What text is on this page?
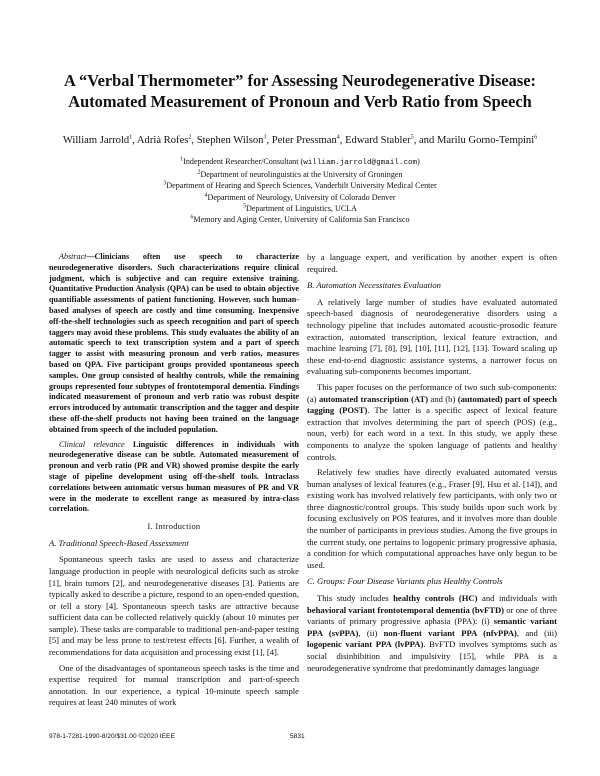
A “Verbal Thermometer” for Assessing Neurodegenerative Disease:
Automated Measurement of Pronoun and Verb Ratio from Speech
William Jarrold$^1$, Adrià Rofes$^2$, Stephen Wilson$^3$, Peter Pressman$^4$, Edward Stabler$^5$, and Marilu Gorno-Tempini$^6$
$^1$Independent Researcher/Consultant (william.jarrold@gmail.com)
$^2$Department of neurolinguistics at the University of Groningen
$^3$Department of Hearing and Speech Sciences, Vanderbilt University Medical Center
$^4$Department of Neurology, University of Colorado Denver
$^5$Department of Linguistics, UCLA
$^6$Memory and Aging Center, University of California San Francisco

Abstract—Clinicians often use speech to characterize neurodegenerative disorders. Such characterizations require clinical judgment, which is subjective and can require extensive training. Quantitative Production Analysis (QPA) can be used to obtain objective quantifiable assessments of patient functioning. However, such human-based analyses of speech are costly and time consuming. Inexpensive off-the-shelf technologies such as speech recognition and part of speech taggers may avoid these problems. This study evaluates the ability of an automatic speech to text transcription system and a part of speech tagger to assist with measuring pronoun and verb ratios, measures based on QPA. Five participant groups provided spontaneous speech samples. One group consisted of healthy controls, while the remaining groups represented four subtypes of frontotemporal dementia. Findings indicated measurement of pronoun and verb ratio was robust despite errors introduced by automatic transcription and the tagger and despite these off-the-shelf products not having been trained on the language obtained from speech of the included population.

Clinical relevance Linguistic differences in individuals with neurodegenerative disease can be subtle. Automated measurement of pronoun and verb ratio (PR and VR) showed promise despite the early stage of pipeline development using off-the-shelf tools. Intraclass correlations between automatic versus human measures of PR and VR were in the moderate to excellent range as measured by intra-class correlation.

I. Introduction
A. Traditional Speech-Based Assessment

Spontaneous speech tasks are used to assess and characterize language production in people with neurological deficits such as stroke [1], brain tumors [2], and neurodegenerative diseases [3]. Patients are typically asked to describe a picture, respond to an open-ended question, or tell a story [4]. Spontaneous speech tasks are attractive because sufficient data can be collected relatively quickly (about 10 minutes per sample). These tasks are comparable to traditional pen-and-paper testing [5] and may be less prone to test/retest effects [6]. Further, a wealth of recommendations for data acquisition and processing exist [1], [4].

One of the disadvantages of spontaneous speech tasks is the time and expertise required for manual transcription and part-of-speech annotation. In our experience, a typical 10-minute speech sample requires at least 240 minutes of work

by a language expert, and verification by another expert is often required.

B. Automation Necessitates Evaluation

A relatively large number of studies have evaluated automated speech-based diagnosis of neurodegenerative disorders using a technology pipeline that includes automated acoustic-prosodic feature extraction, automated transcription, lexical feature extraction, and machine learning [7], [8], [9], [10], [11], [12], [13]. Toward scaling up these end-to-end diagnostic assistance systems, a narrower focus on evaluating sub-components becomes important.

This paper focuses on the performance of two such sub-components: (a) automated transcription (AT) and (b) (automated) part of speech tagging (POST). The latter is a specific aspect of lexical feature extraction that involves determining the part of speech (POS) (e.g., noun, verb) for each word in a text. In this study, we apply these components to analyze the spoken language of patients and healthy controls.

Relatively few studies have directly evaluated automated versus human analyses of lexical features (e.g., Fraser [9], Hsu et al. [14]), and existing work has involved relatively few participants, with only two or three diagnostic/control groups. This study builds upon such work by focusing exclusively on POS features, and it involves more than double the number of participants in previous studies. Among the five groups in the current study, one pertains to logopenic primary progressive aphasia, a condition for which computational approaches have only begun to be used.

C. Groups: Four Disease Variants plus Healthy Controls

This study includes healthy controls (HC) and individuals with behavioral variant frontotemporal dementia (bvFTD) or one of three variants of primary progressive aphasia (PPA): (i) semantic variant PPA (svPPA), (ii) non-fluent variant PPA (nfvPPA), and (iii) logopenic variant PPA (lvPPA). BvFTD involves symptoms such as social disinhibition and impulsivity [15], while PPA is a neurodegenerative syndrome that predominantly damages language

978-1-7281-1990-8/20/$31.00 ©2020 IEEE	5831
